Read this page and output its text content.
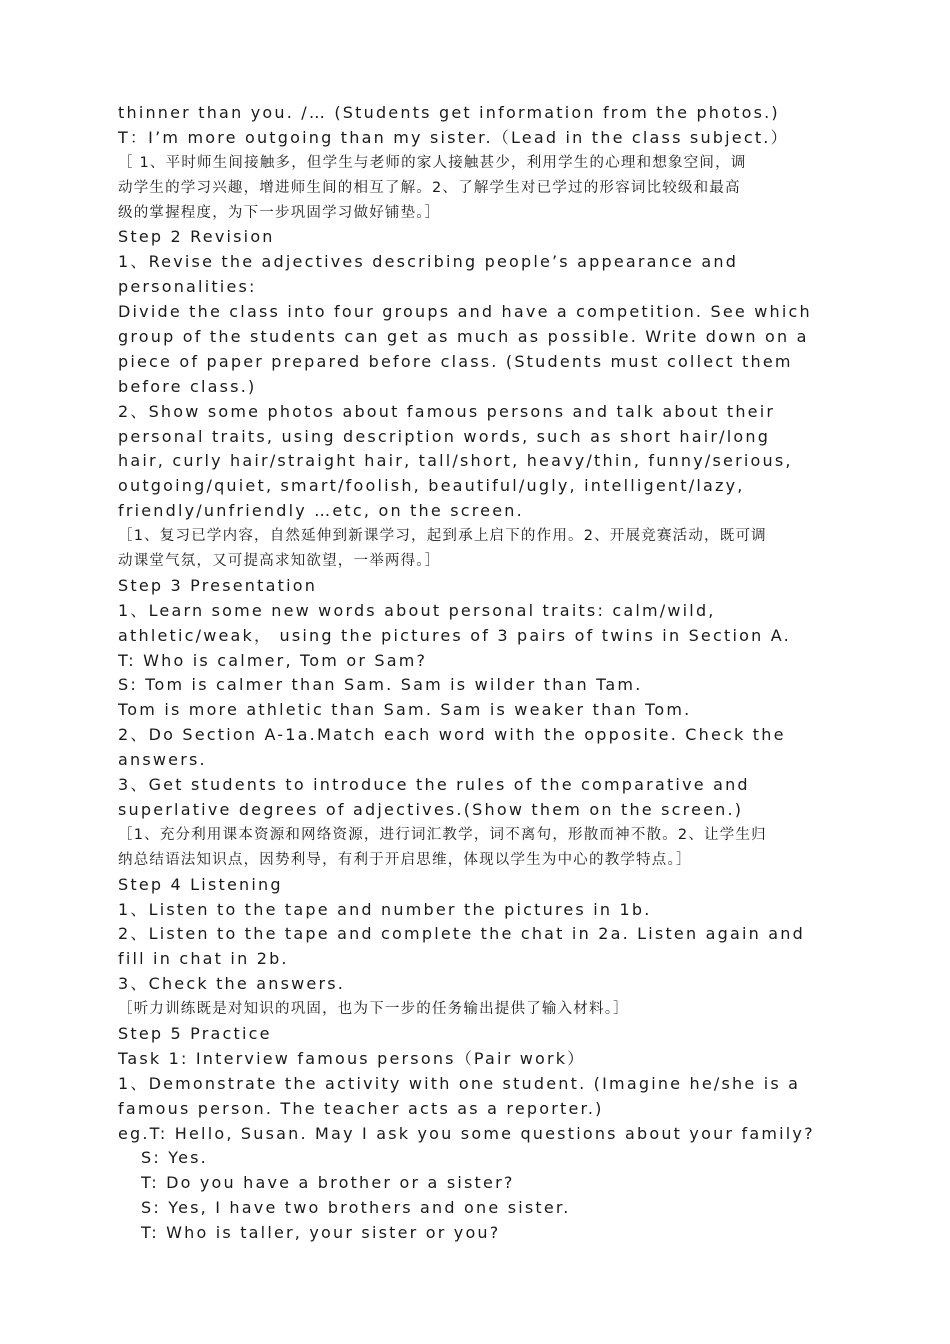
thinner than you. /… (Students get information from the photos.)
T：I’m more outgoing than my sister.（Lead in the class subject.）
［ 1、平时师生间接触多，但学生与老师的家人接触甚少，利用学生的心理和想象空间，调
动学生的学习兴趣，增进师生间的相互了解。2、了解学生对已学过的形容词比较级和最高
级的掌握程度，为下一步巩固学习做好铺垫。］
Step 2 Revision
1、Revise the adjectives describing people’s appearance and
personalities:
Divide the class into four groups and have a competition. See which
group of the students can get as much as possible. Write down on a
piece of paper prepared before class. (Students must collect them
before class.)
2、Show some photos about famous persons and talk about their
personal traits, using description words, such as short hair/long
hair, curly hair/straight hair, tall/short, heavy/thin, funny/serious,
outgoing/quiet, smart/foolish, beautiful/ugly, intelligent/lazy,
friendly/unfriendly …etc, on the screen.
［1、复习已学内容，自然延伸到新课学习，起到承上启下的作用。2、开展竞赛活动，既可调
动课堂气氛，又可提高求知欲望，一举两得。］
Step 3 Presentation
1、Learn some new words about personal traits: calm/wild,
athletic/weak， using the pictures of 3 pairs of twins in Section A.
T: Who is calmer, Tom or Sam?
S: Tom is calmer than Sam. Sam is wilder than Tam.
Tom is more athletic than Sam. Sam is weaker than Tom.
2、Do Section A-1a.Match each word with the opposite. Check the
answers.
3、Get students to introduce the rules of the comparative and
superlative degrees of adjectives.(Show them on the screen.)
［1、充分利用课本资源和网络资源，进行词汇教学，词不离句，形散而神不散。2、让学生归
纳总结语法知识点，因势利导，有利于开启思维，体现以学生为中心的教学特点。］
Step 4 Listening
1、Listen to the tape and number the pictures in 1b.
2、Listen to the tape and complete the chat in 2a. Listen again and
fill in chat in 2b.
3、Check the answers.
［听力训练既是对知识的巩固，也为下一步的任务输出提供了输入材料。］
Step 5 Practice
Task 1: Interview famous persons（Pair work）
1、Demonstrate the activity with one student. (Imagine he/she is a
famous person. The teacher acts as a reporter.)
eg.T: Hello, Susan. May I ask you some questions about your family?
S: Yes.
T: Do you have a brother or a sister?
S: Yes, I have two brothers and one sister.
T: Who is taller, your sister or you?
